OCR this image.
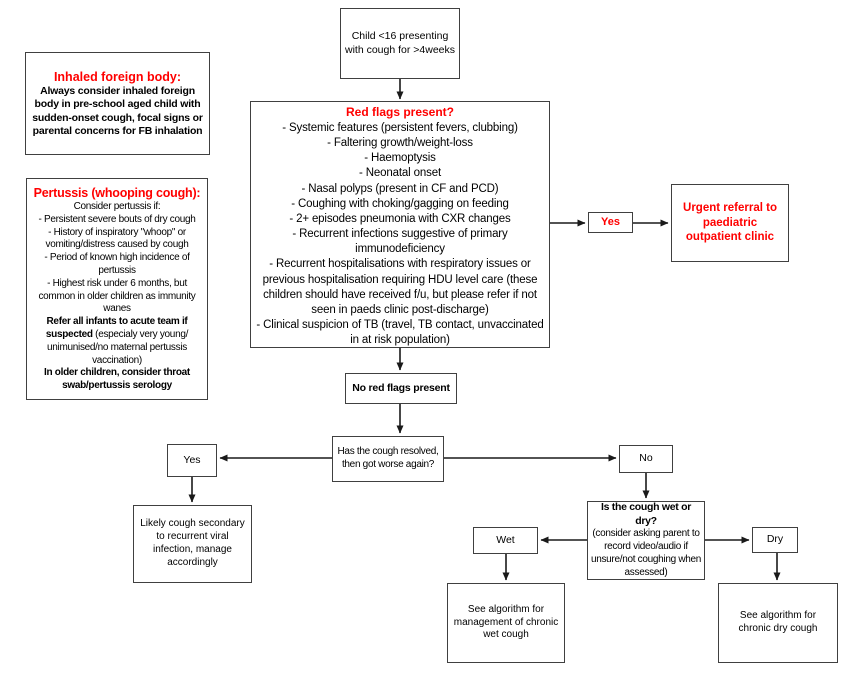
Child <16 presenting with cough for >4weeks
Inhaled foreign body:
Always consider inhaled foreign body in pre-school aged child with sudden-onset cough, focal signs or parental concerns for FB inhalation
Pertussis (whooping cough):
Consider pertussis if:
- Persistent severe bouts of dry cough
- History of inspiratory "whoop" or vomiting/distress caused by cough
- Period of known high incidence of pertussis
- Highest risk under 6 months, but common in older children as immunity wanes
Refer all infants to acute team if suspected (especialy very young/ unimunised/no maternal pertussis vaccination)
In older children, consider throat swab/pertussis serology
Red flags present?
- Systemic features (persistent fevers, clubbing)
- Faltering growth/weight-loss
- Haemoptysis
- Neonatal onset
- Nasal polyps (present in CF and PCD)
- Coughing with choking/gagging on feeding
- 2+ episodes pneumonia with CXR changes
- Recurrent infections suggestive of primary immunodeficiency
- Recurrent hospitalisations with respiratory issues or previous hospitalisation requiring HDU level care (these children should have received f/u, but please refer if not seen in paeds clinic post-discharge)
- Clinical suspicion of TB (travel, TB contact, unvaccinated in at risk population)
Yes
Urgent referral to paediatric outpatient clinic
No red flags present
Has the cough resolved, then got worse again?
Yes
Likely cough secondary to recurrent viral infection, manage accordingly
No
Is the cough wet or dry?
(consider asking parent to record video/audio if unsure/not coughing when assessed)
Wet	Dry
See algorithm for management of chronic wet cough
See algorithm for chronic dry cough
